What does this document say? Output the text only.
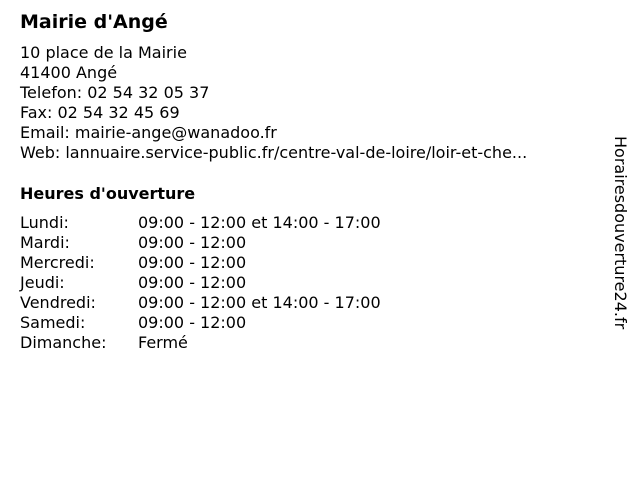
Mairie d'Angé
10 place de la Mairie
41400 Angé
Telefon: 02 54 32 05 37
Fax: 02 54 32 45 69
Email: mairie-ange@wanadoo.fr
Web: lannuaire.service-public.fr/centre-val-de-loire/loir-et-che...
Heures d'ouverture
Lundi:	09:00 - 12:00 et 14:00 - 17:00
Mardi:	09:00 - 12:00
Mercredi:	09:00 - 12:00
Jeudi:	09:00 - 12:00
Vendredi:	09:00 - 12:00 et 14:00 - 17:00
Samedi:	09:00 - 12:00
Dimanche: Fermé
Horairesdouverture24.fr
